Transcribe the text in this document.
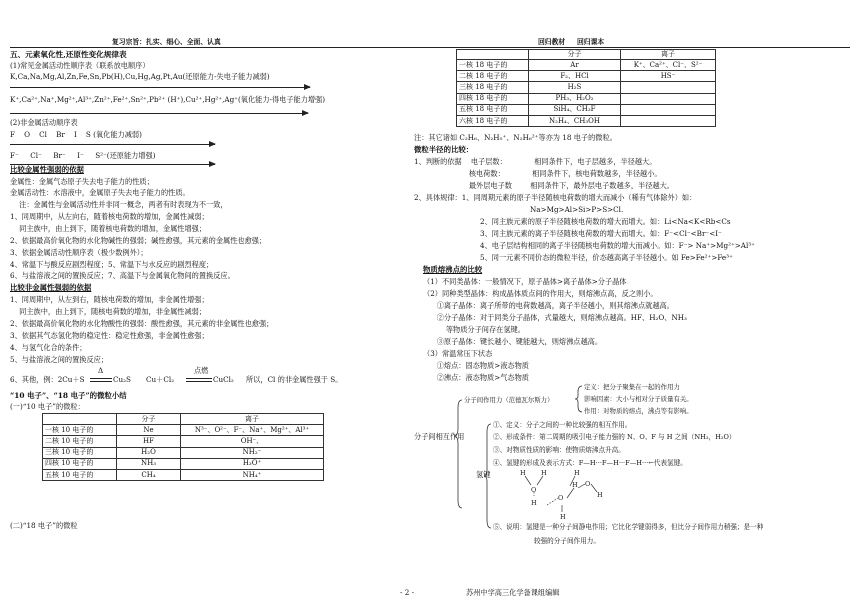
复习宗旨：扎实、细心、全面、认真	回归教材 回归课本
五、元素氧化性,还原性变化规律表
(1)常见金属活动性顺序表（联系放电顺序）
K,Ca,Na,Mg,Al,Zn,Fe,Sn,Pb(H),Cu,Hg,Ag,Pt,Au(还原能力-失电子能力减弱)
K⁺,Ca²⁺,Na⁺,Mg²⁺,Al³⁺,Zn²⁺,Fe²⁺,Sn²⁺,Pb²⁺ (H⁺),Cu²⁺,Hg²⁺,Ag⁺(氧化能力-得电子能力增强)
(2)非金属活动顺序表
F    O    Cl    Br    I    S (氧化能力减弱)
F⁻     Cl⁻     Br⁻     I⁻     S²⁻(还原能力增强)
比较金属性强弱的依据
金属性：金属气态原子失去电子能力的性质；
金属活动性：水溶液中，金属原子失去电子能力的性质。
注：金属性与金属活动性并非同一概念，两者有时表现为不一致，
1、同周期中，从左向右，随着核电荷数的增加，金属性减弱；
同主族中，由上到下，随着核电荷数的增加，金属性增强；
2、依据最高价氧化物的水化物碱性的强弱；碱性愈强，其元素的金属性也愈强；
3、依据金属活动性顺序表（极少数例外）；
4、常温下与酸反应剧烈程度；5、常温下与水反应的剧烈程度；
6、与盐溶液之间的置换反应；7、高温下与金属氧化物间的置换反应。
比较非金属性强弱的依据
1、同周期中，从左到右，随核电荷数的增加，非金属性增强；
同主族中，由上到下，随核电荷数的增加，非金属性减弱；
2、依据最高价氧化物的水化物酸性的强弱：酸性愈强，其元素的非金属性也愈强；
3、依据其气态氢化物的稳定性：稳定性愈强，非金属性愈强；
4、与氢气化合的条件；
5、与盐溶液之间的置换反应；
6、其他，例：2Cu＋S
Δ
Cu₂S Cu＋Cl₂
点燃
CuCl₂ 所以，Cl 的非金属性强于 S。
“10 电子”、“18 电子”的微粒小结
(一)“10 电子”的微粒：
	分子	离子
一核 10 电子的	Ne	N³⁻、O²⁻、F⁻、Na⁺、Mg²⁺、Al³⁺
二核 10 电子的	HF	OH⁻、
三核 10 电子的	H₂O	NH₂⁻
四核 10 电子的	NH₃	H₃O⁺
五核 10 电子的	CH₄	NH₄⁺
(二)“18 电子”的微粒
	分子	离子
一核 18 电子的	Ar	K⁺、Ca²⁺、Cl⁻、S²⁻
二核 18 电子的	F₂、HCl	HS⁻
三核 18 电子的	H₂S	
四核 18 电子的	PH₃、H₂O₂	
五核 18 电子的	SiH₄、CH₃F	
六核 18 电子的	N₂H₄、CH₃OH	
注：其它诸如 C₂H₆、N₂H₅⁺、N₂H₆²⁺等亦为 18 电子的微粒。
微粒半径的比较：
1、判断的依据    电子层数：            相同条件下，电子层越多，半径越大。
核电荷数：            相同条件下，核电荷数越多，半径越小。
最外层电子数        相同条件下，最外层电子数越多，半径越大。
2、具体规律：1、同周期元素的原子半径随核电荷数的增大而减小（稀有气体除外）如：
Na>Mg>Al>Si>P>S>Cl.
2、同主族元素的原子半径随核电荷数的增大而增大。如：Li<Na<K<Rb<Cs
3、同主族元素的离子半径随核电荷数的增大而增大。如：F⁻<Cl⁻<Br⁻<I⁻
4、电子层结构相同的离子半径随核电荷数的增大而减小。如：F⁻> Na⁺>Mg²⁺>Al³⁺
5、同一元素不同价态的微粒半径，价态越高离子半径越小。如 Fe>Fe²⁺>Fe³⁺
物质熔沸点的比较
（1）不同类晶体：一般情况下，原子晶体>离子晶体>分子晶体
（2）同种类型晶体：构成晶体质点间的作用大，则熔沸点高，反之则小。
①离子晶体：离子所带的电荷数越高，离子半径越小，则其熔沸点就越高。
②分子晶体：对于同类分子晶体，式量越大，则熔沸点越高。HF、H₂O、NH₃
等物质分子间存在氢键。
③原子晶体：键长越小、键能越大，则熔沸点越高。
（3）常温常压下状态
①熔点：固态物质>液态物质
②沸点：液态物质>气态物质
分子间相互作用
分子间作用力（范德瓦尔斯力）
定义：把分子聚集在一起的作用力
影响因素：大小与相对分子质量有关。
作用：对物质的熔点，沸点等有影响。
氢键
①、定义：分子之间的一种比较强的相互作用。
②、形成条件：第二周期的吸引电子能力强的 N、O、F 与 H 之间（NH₃，H₂O）
③、对物质性质的影响：使物质熔沸点升高。
④、氢键的形成及表示方式：F—H···F—H···F—H···←代表氢键。
⑤、说明：氢键是一种分子间静电作用；它比化学键弱得多，但比分子间作用力稍强；是一种
较强的分子间作用力。
H
O
H
H
O
H
H O
H
H
- 2 -	苏州中学高三化学备课组编辑
